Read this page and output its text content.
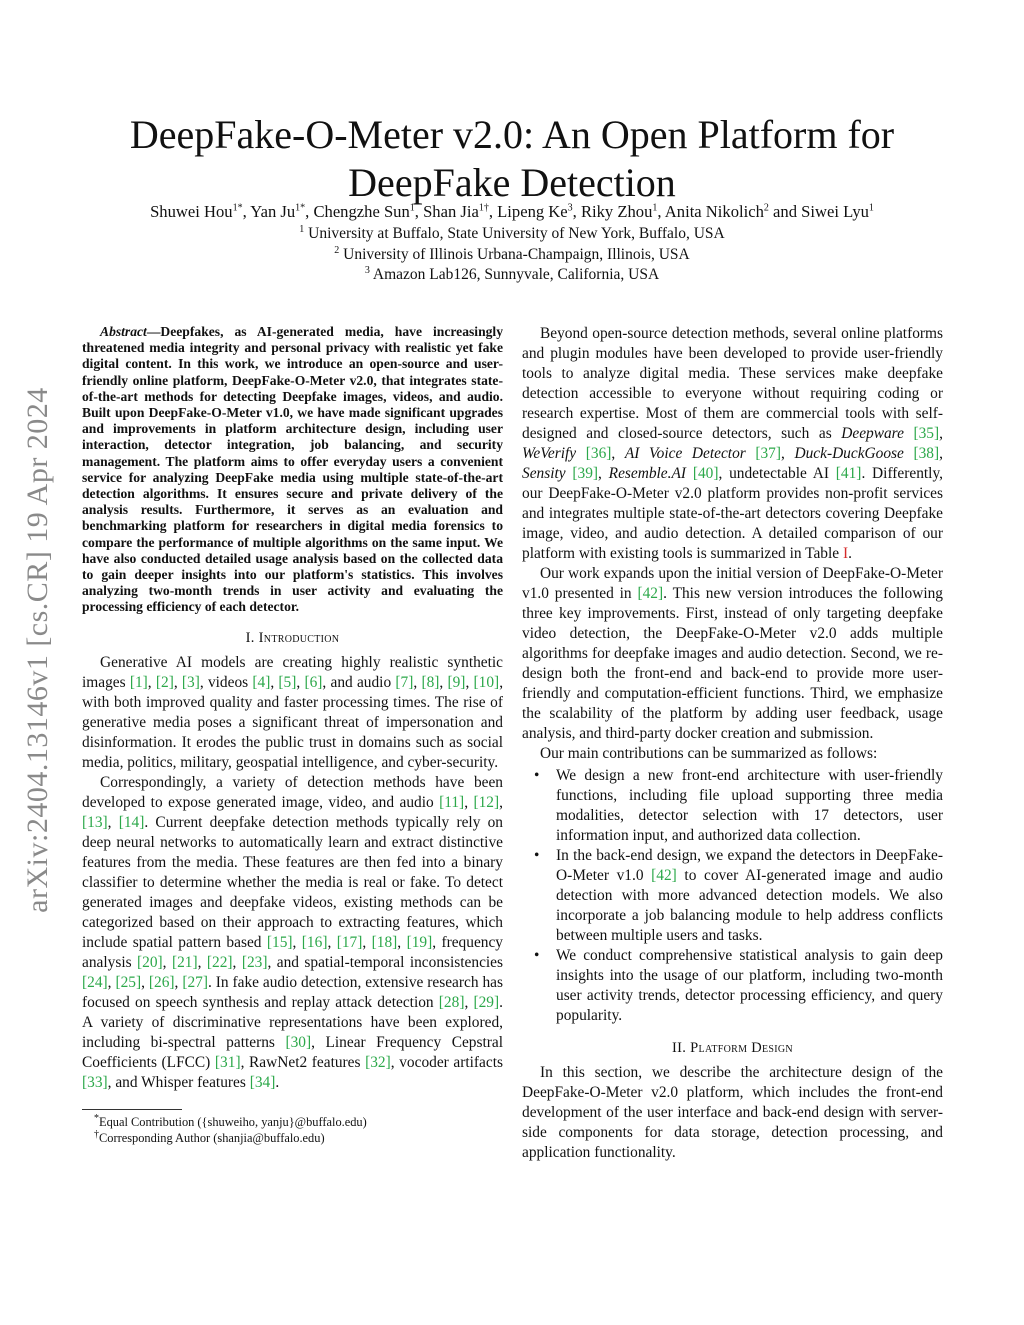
arXiv:2404.13146v1 [cs.CR] 19 Apr 2024
DeepFake-O-Meter v2.0: An Open Platform for DeepFake Detection
Shuwei Hou$^{1*}$, Yan $Ju^{1*}$, Chengzhe Sun$^1$, Shan Jia$^{1\dagger}$, Lipeng Ke$^3$, Riky Zhou$^1$, Anita Nikolich$^2$ and Siwei Lyu$^1$
$^1$ University at Buffalo, State University of New York, Buffalo, USA
$^2$ University of Illinois Urbana-Champaign, Illinois, USA
$^3$ Amazon Lab126, Sunnyvale, California, USA

Abstract—Deepfakes, as AI-generated media, have increasingly threatened media integrity and personal privacy with realistic yet fake digital content. In this work, we introduce an open-source and user-friendly online platform, DeepFake-O-Meter v2.0, that integrates state-of-the-art methods for detecting Deepfake images, videos, and audio. Built upon DeepFake-O-Meter v1.0, we have made significant upgrades and improvements in platform architecture design, including user interaction, detector integration, job balancing, and security management. The platform aims to offer everyday users a convenient service for analyzing DeepFake media using multiple state-of-the-art detection algorithms. It ensures secure and private delivery of the analysis results. Furthermore, it serves as an evaluation and benchmarking platform for researchers in digital media forensics to compare the performance of multiple algorithms on the same input. We have also conducted detailed usage analysis based on the collected data to gain deeper insights into our platform's statistics. This involves analyzing two-month trends in user activity and evaluating the processing efficiency of each detector.

I. Introduction

Generative AI models are creating highly realistic synthetic images [1], [2], [3], videos [4], [5], [6], and audio [7], [8], [9], [10], with both improved quality and faster processing times. The rise of generative media poses a significant threat of impersonation and disinformation. It erodes the public trust in domains such as social media, politics, military, geospatial intelligence, and cyber-security.

Correspondingly, a variety of detection methods have been developed to expose generated image, video, and audio [11], [12], [13], [14]. Current deepfake detection methods typically rely on deep neural networks to automatically learn and extract distinctive features from the media. These features are then fed into a binary classifier to determine whether the media is real or fake. To detect generated images and deepfake videos, existing methods can be categorized based on their approach to extracting features, which include spatial pattern based [15], [16], [17], [18], [19], frequency analysis [20], [21], [22], [23], and spatial-temporal inconsistencies [24], [25], [26], [27]. In fake audio detection, extensive research has focused on speech synthesis and replay attack detection [28], [29]. A variety of discriminative representations have been explored, including bi-spectral patterns [30], Linear Frequency Cepstral Coefficients (LFCC) [31], RawNet2 features [32], vocoder artifacts [33], and Whisper features [34].

*Equal Contribution ({shuweiho, yanju}@buffalo.edu)

†Corresponding Author (shanjia@buffalo.edu)

Beyond open-source detection methods, several online platforms and plugin modules have been developed to provide user-friendly tools to analyze digital media. These services make deepfake detection accessible to everyone without requiring coding or research expertise. Most of them are commercial tools with self-designed and closed-source detectors, such as Deepware [35], WeVerify [36], AI Voice Detector [37], Duck-DuckGoose [38], Sensity [39], Resemble.AI [40], undetectable AI [41]. Differently, our DeepFake-O-Meter v2.0 platform provides non-profit services and integrates multiple state-of-the-art detectors covering Deepfake image, video, and audio detection. A detailed comparison of our platform with existing tools is summarized in Table I.

Our work expands upon the initial version of DeepFake-O-Meter v1.0 presented in [42]. This new version introduces the following three key improvements. First, instead of only targeting deepfake video detection, the DeepFake-O-Meter v2.0 adds multiple algorithms for deepfake images and audio detection. Second, we re-design both the front-end and back-end to provide more user-friendly and computation-efficient functions. Third, we emphasize the scalability of the platform by adding user feedback, usage analysis, and third-party docker creation and submission.

Our main contributions can be summarized as follows:

• We design a new front-end architecture with user-friendly functions, including file upload supporting three media modalities, detector selection with 17 detectors, user information input, and authorized data collection.
• In the back-end design, we expand the detectors in DeepFake-O-Meter v1.0 [42] to cover AI-generated image and audio detection with more advanced detection models. We also incorporate a job balancing module to help address conflicts between multiple users and tasks.
• We conduct comprehensive statistical analysis to gain deep insights into the usage of our platform, including two-month user activity trends, detector processing efficiency, and query popularity.
II. Platform Design

In this section, we describe the architecture design of the DeepFake-O-Meter v2.0 platform, which includes the front-end development of the user interface and back-end design with server-side components for data storage, detection processing, and application functionality.
